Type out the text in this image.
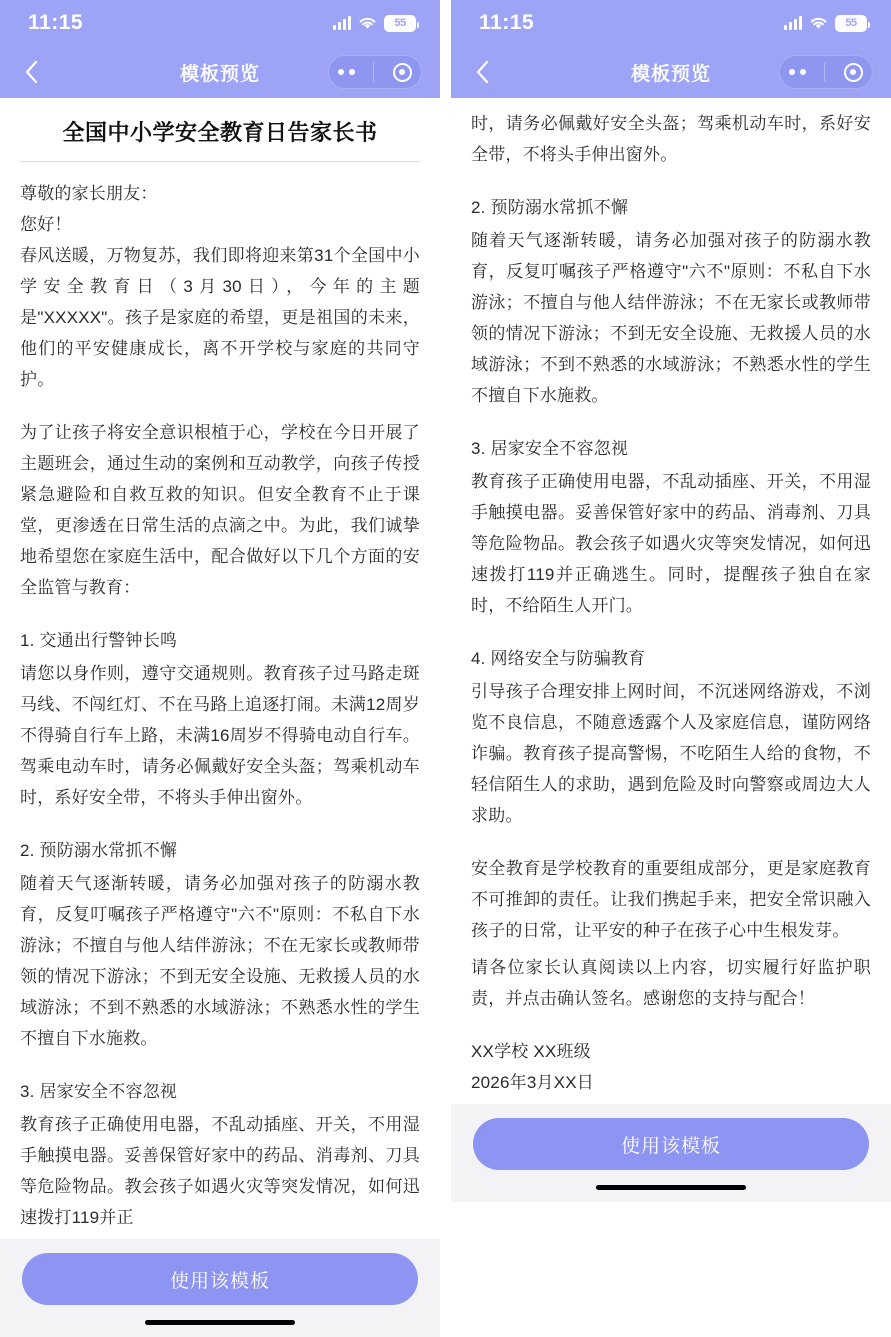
11:15	55
模板预览
全国中小学安全教育日告家长书

尊敬的家长朋友：

您好！

春风送暖，万物复苏，我们即将迎来第31个全国中小学安全教育日（3月30日），今年的主题是"XXXXX"。孩子是家庭的希望，更是祖国的未来，他们的平安健康成长，离不开学校与家庭的共同守护。

为了让孩子将安全意识根植于心，学校在今日开展了主题班会，通过生动的案例和互动教学，向孩子传授紧急避险和自救互救的知识。但安全教育不止于课堂，更渗透在日常生活的点滴之中。为此，我们诚挚地希望您在家庭生活中，配合做好以下几个方面的安全监管与教育：

1. 交通出行警钟长鸣

请您以身作则，遵守交通规则。教育孩子过马路走斑马线、不闯红灯、不在马路上追逐打闹。未满12周岁不得骑自行车上路，未满16周岁不得骑电动自行车。驾乘电动车时，请务必佩戴好安全头盔；驾乘机动车时，系好安全带，不将头手伸出窗外。

2. 预防溺水常抓不懈

随着天气逐渐转暖，请务必加强对孩子的防溺水教育，反复叮嘱孩子严格遵守"六不"原则：不私自下水游泳；不擅自与他人结伴游泳；不在无家长或教师带领的情况下游泳；不到无安全设施、无救援人员的水域游泳；不到不熟悉的水域游泳；不熟悉水性的学生不擅自下水施救。

3. 居家安全不容忽视

教育孩子正确使用电器，不乱动插座、开关，不用湿手触摸电器。妥善保管好家中的药品、消毒剂、刀具等危险物品。教会孩子如遇火灾等突发情况，如何迅速拨打119并正

使用该模板
11:15	55
模板预览

时，请务必佩戴好安全头盔；驾乘机动车时，系好安全带，不将头手伸出窗外。

2. 预防溺水常抓不懈

随着天气逐渐转暖，请务必加强对孩子的防溺水教育，反复叮嘱孩子严格遵守"六不"原则：不私自下水游泳；不擅自与他人结伴游泳；不在无家长或教师带领的情况下游泳；不到无安全设施、无救援人员的水域游泳；不到不熟悉的水域游泳；不熟悉水性的学生不擅自下水施救。

3. 居家安全不容忽视

教育孩子正确使用电器，不乱动插座、开关，不用湿手触摸电器。妥善保管好家中的药品、消毒剂、刀具等危险物品。教会孩子如遇火灾等突发情况，如何迅速拨打119并正确逃生。同时，提醒孩子独自在家时，不给陌生人开门。

4. 网络安全与防骗教育

引导孩子合理安排上网时间，不沉迷网络游戏，不浏览不良信息，不随意透露个人及家庭信息，谨防网络诈骗。教育孩子提高警惕，不吃陌生人给的食物，不轻信陌生人的求助，遇到危险及时向警察或周边大人求助。

安全教育是学校教育的重要组成部分，更是家庭教育不可推卸的责任。让我们携起手来，把安全常识融入孩子的日常，让平安的种子在孩子心中生根发芽。

请各位家长认真阅读以上内容，切实履行好监护职责，并点击确认签名。感谢您的支持与配合！

XX学校 XX班级

2026年3月XX日

使用该模板
